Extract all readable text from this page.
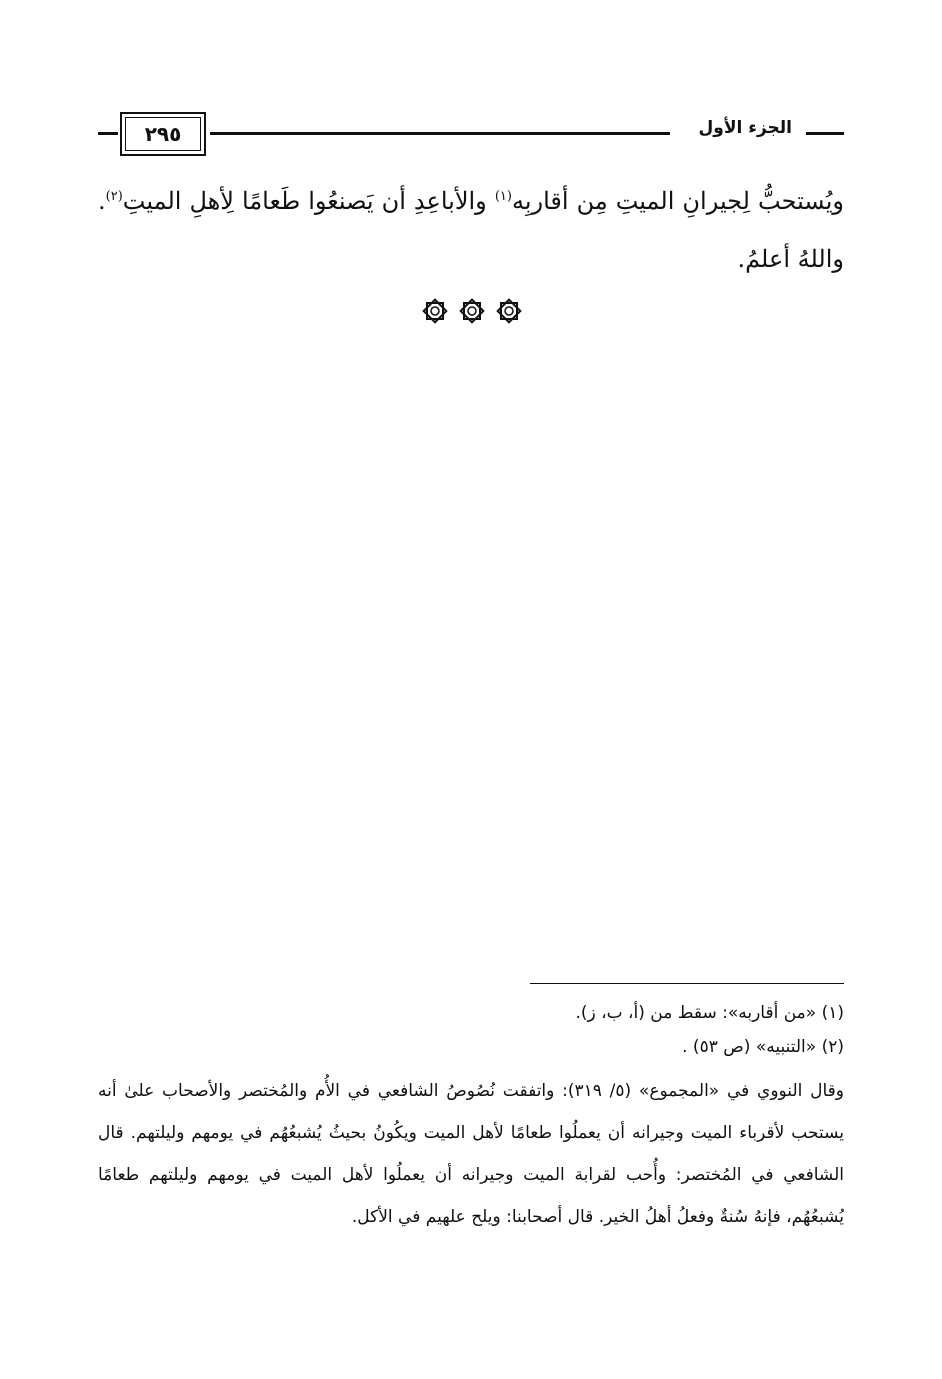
٢٩٥	الجزء الأول
ويُستحبُّ لِجيرانِ الميتِ مِن أقاربِه$^{(١)}$ والأباعِدِ أن يَصنعُوا طَعامًا لِأهلِ الميتِ$^{(٢)}$. واللهُ أعلمُ.
(١) «من أقاربه»: سقط من (أ، ب، ز).
(٢) «التنبيه» (ص ٥٣) .
وقال النووي في «المجموع» (٥/ ٣١٩): واتفقت نُصُوصُ الشافعي في الأُم والمُختصر والأصحاب علىٰ أنه يستحب لأقرباء الميت وجيرانه أن يعملُوا طعامًا لأهل الميت ويكُونُ بحيثُ يُشبعُهُم في يومهم وليلتهم. قال الشافعي في المُختصر: وأُحب لقرابة الميت وجيرانه أن يعملُوا لأهل الميت في يومهم وليلتهم طعامًا يُشبعُهُم، فإنهُ سُنةٌ وفعلُ أهلُ الخير. قال أصحابنا: ويلح علهيم في الأكل.
